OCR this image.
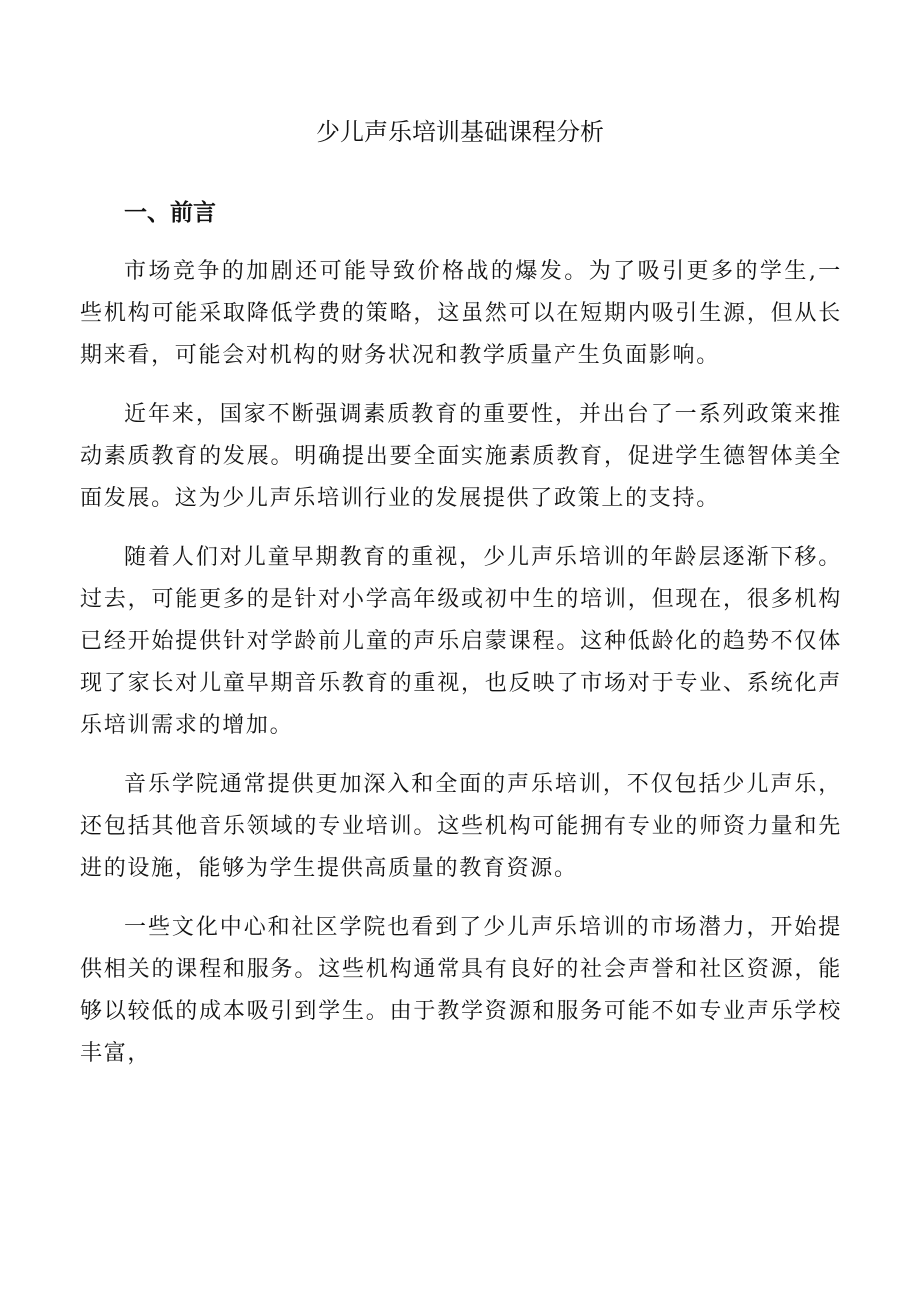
少儿声乐培训基础课程分析
一、前言

市场竞争的加剧还可能导致价格战的爆发。为了吸引更多的学生,一些机构可能采取降低学费的策略，这虽然可以在短期内吸引生源，但从长期来看，可能会对机构的财务状况和教学质量产生负面影响。

近年来，国家不断强调素质教育的重要性，并出台了一系列政策来推动素质教育的发展。明确提出要全面实施素质教育，促进学生德智体美全面发展。这为少儿声乐培训行业的发展提供了政策上的支持。

随着人们对儿童早期教育的重视，少儿声乐培训的年龄层逐渐下移。过去，可能更多的是针对小学高年级或初中生的培训，但现在，很多机构已经开始提供针对学龄前儿童的声乐启蒙课程。这种低龄化的趋势不仅体现了家长对儿童早期音乐教育的重视，也反映了市场对于专业、系统化声乐培训需求的增加。

音乐学院通常提供更加深入和全面的声乐培训，不仅包括少儿声乐，还包括其他音乐领域的专业培训。这些机构可能拥有专业的师资力量和先进的设施，能够为学生提供高质量的教育资源。

一些文化中心和社区学院也看到了少儿声乐培训的市场潜力，开始提供相关的课程和服务。这些机构通常具有良好的社会声誉和社区资源，能够以较低的成本吸引到学生。由于教学资源和服务可能不如专业声乐学校丰富，
